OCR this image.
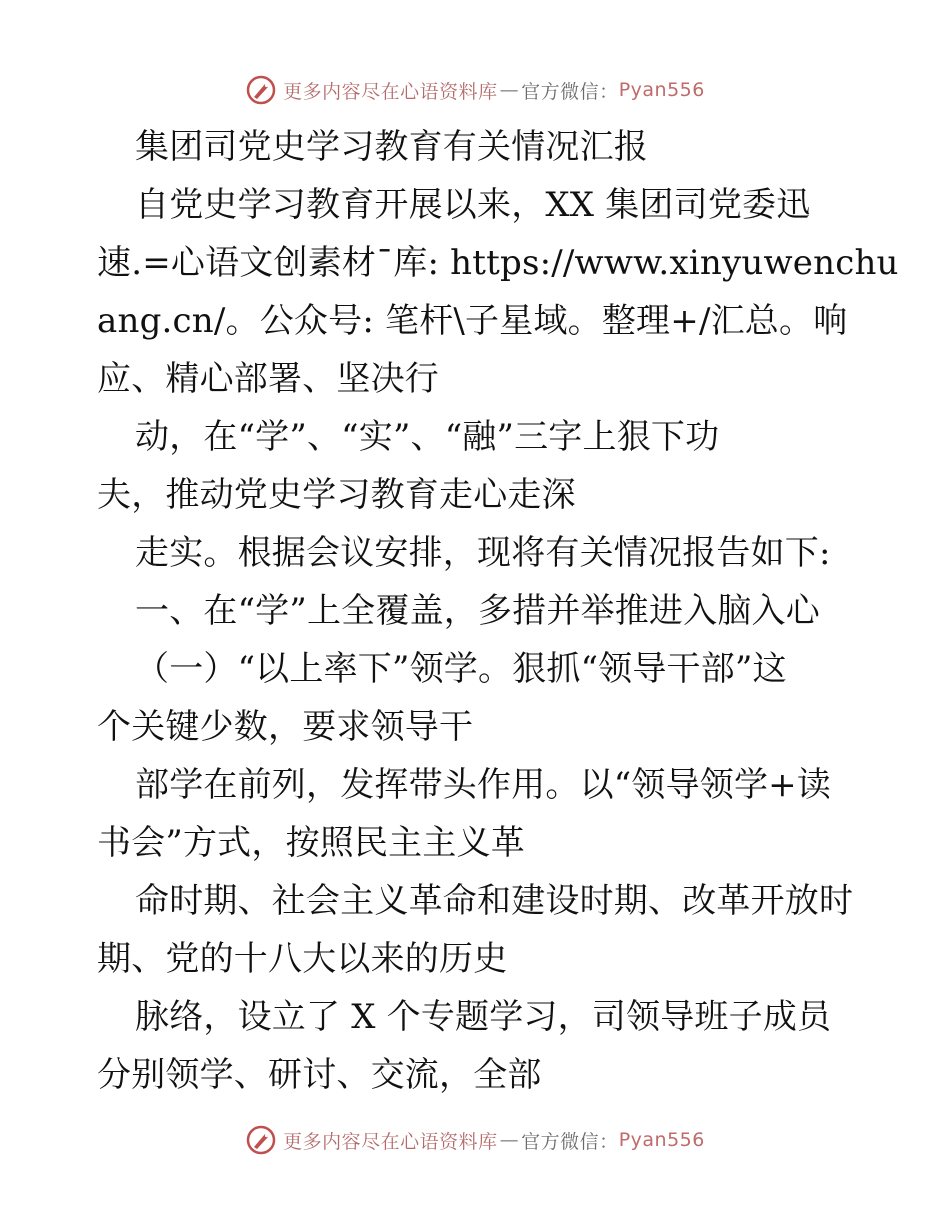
更多内容尽在心语资料库 — 官方微信： Pyan556
集团司党史学习教育有关情况汇报
自党史学习教育开展以来，XX 集团司党委迅
速.=心语文创素材¯库: https://www.xinyuwenchu
ang.cn/。公众号: 笔杆\子星域。整理+/汇总。响
应、精心部署、坚决行
动，在“学”、“实”、“融”三字上狠下功
夫，推动党史学习教育走心走深
走实。根据会议安排，现将有关情况报告如下:
一、在“学”上全覆盖，多措并举推进入脑入心
（一）“以上率下”领学。狠抓“领导干部”这
个关键少数，要求领导干
部学在前列，发挥带头作用。以“领导领学+读
书会”方式，按照民主主义革
命时期、社会主义革命和建设时期、改革开放时
期、党的十八大以来的历史
脉络，设立了 X 个专题学习，司领导班子成员
分别领学、研讨、交流，全部
更多内容尽在心语资料库 — 官方微信： Pyan556
